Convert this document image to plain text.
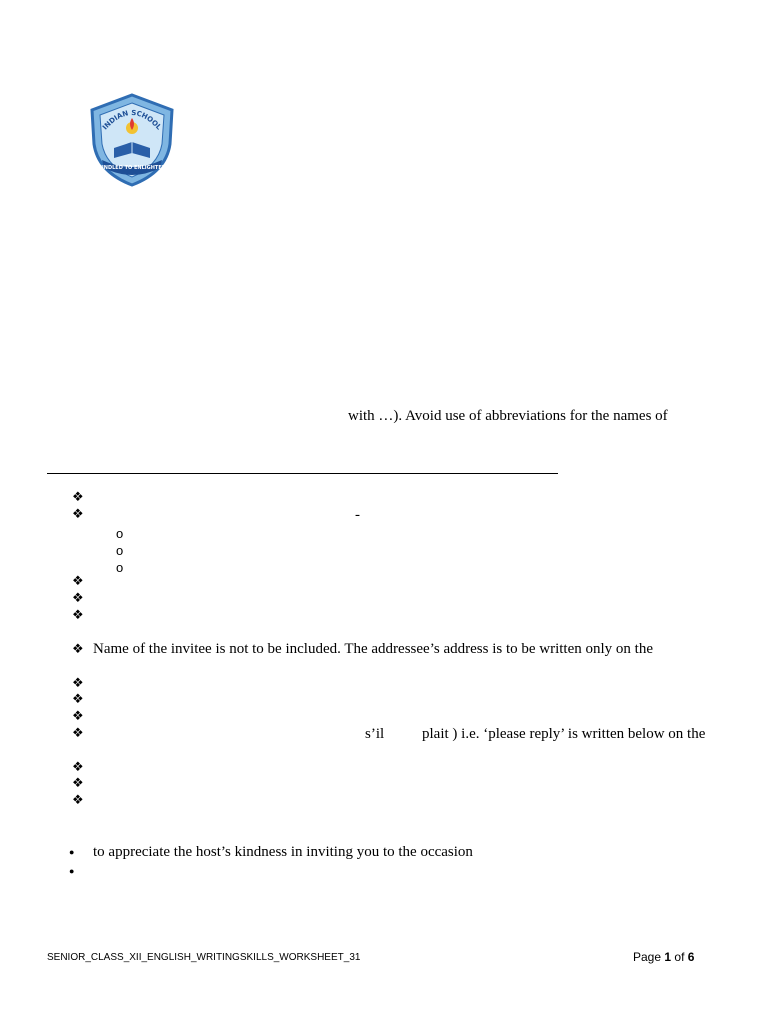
INDIAN SCHOOL
KINDLED TO ENLIGHTEN
with …). Avoid use of abbreviations for the names of
❖
❖	-
o
o
o
❖
❖
❖
❖ Name of the invitee is not to be included. The addressee’s address is to be written only on the
❖
❖
❖
❖	s’il	plait ) i.e. ‘please reply’ is written below on the
❖
❖
❖
● to appreciate the host’s kindness in inviting you to the occasion
●
SENIOR_CLASS_XII_ENGLISH_WRITINGSKILLS_WORKSHEET_31	Page 1 of 6
